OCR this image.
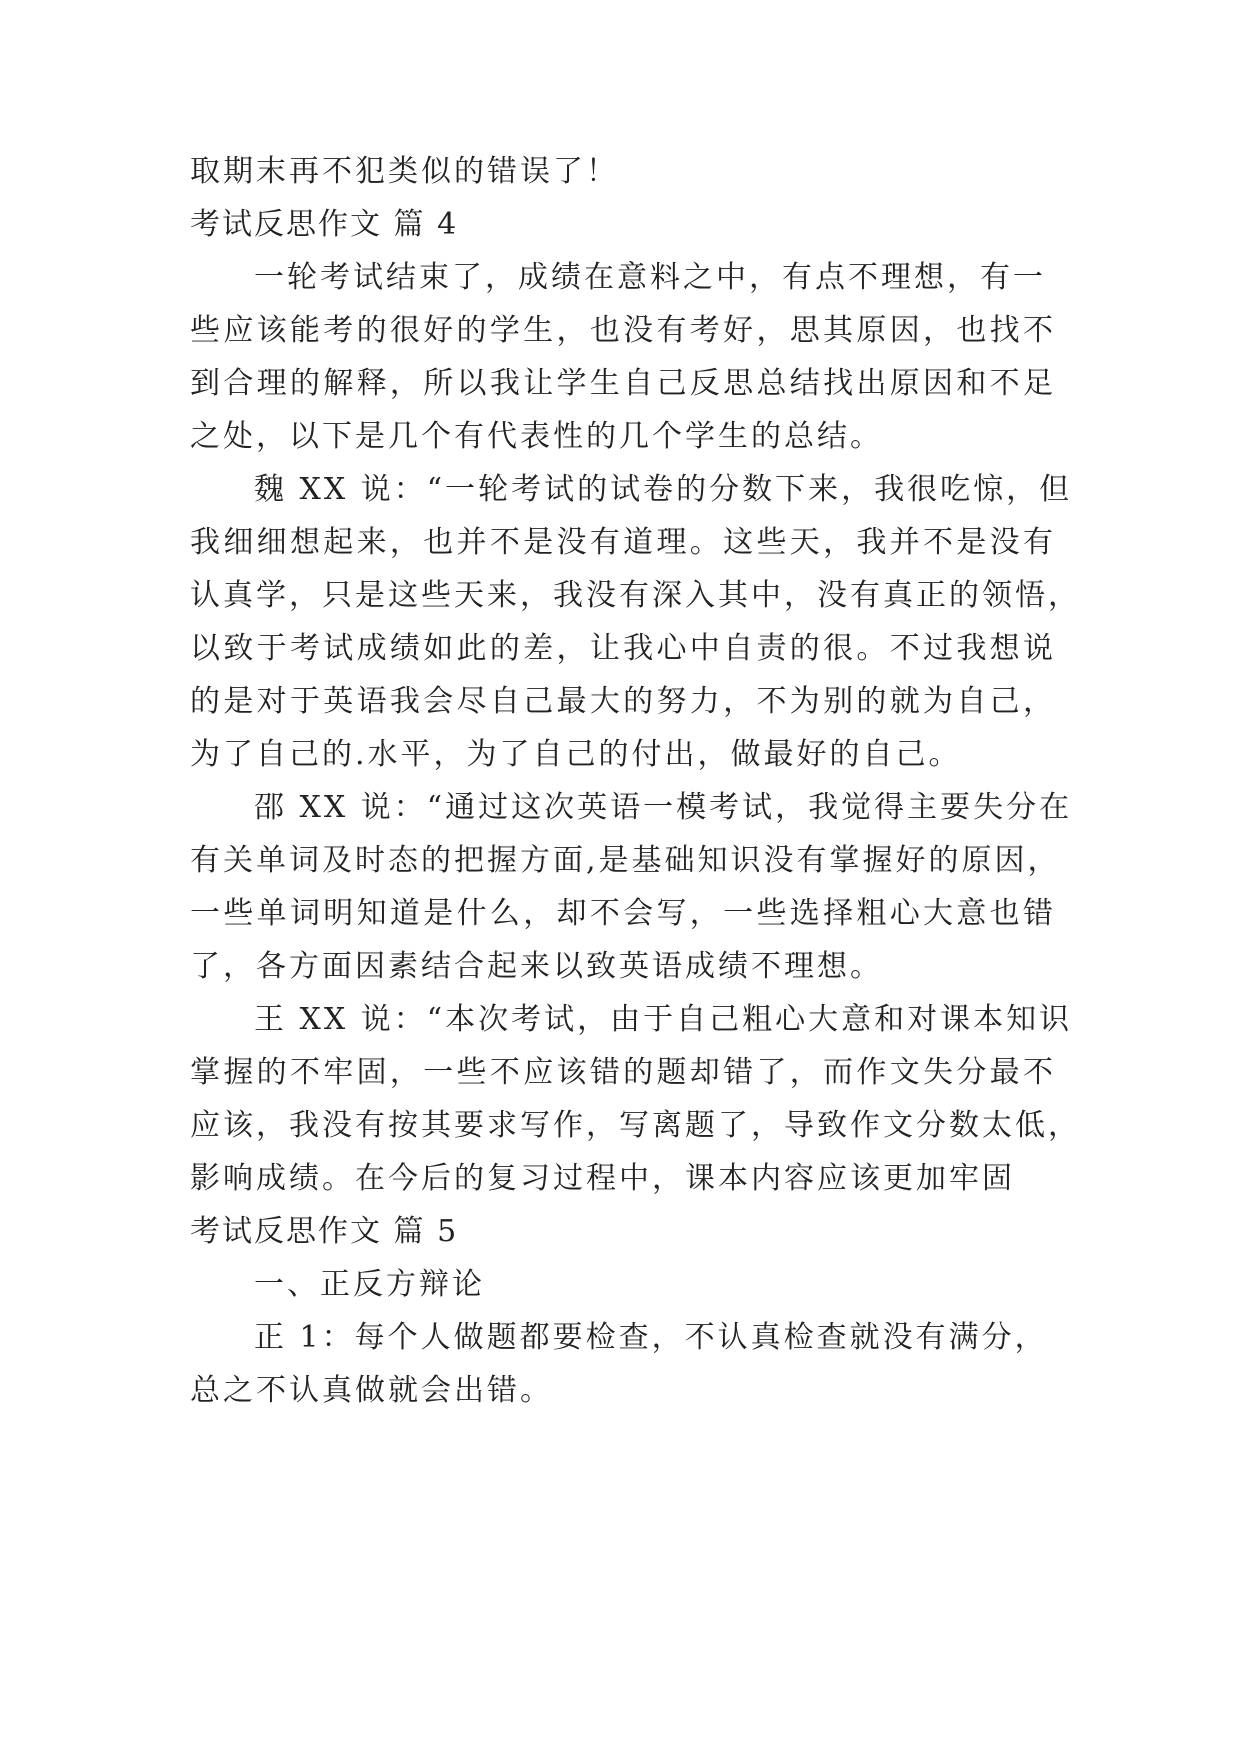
取期末再不犯类似的错误了！
考试反思作文 篇 4
一轮考试结束了，成绩在意料之中，有点不理想，有一
些应该能考的很好的学生，也没有考好，思其原因，也找不
到合理的解释，所以我让学生自己反思总结找出原因和不足
之处，以下是几个有代表性的几个学生的总结。
魏 XX 说：“一轮考试的试卷的分数下来，我很吃惊，但
我细细想起来，也并不是没有道理。这些天，我并不是没有
认真学，只是这些天来，我没有深入其中，没有真正的领悟，
以致于考试成绩如此的差，让我心中自责的很。不过我想说
的是对于英语我会尽自己最大的努力，不为别的就为自己，
为了自己的.水平，为了自己的付出，做最好的自己。
邵 XX 说：“通过这次英语一模考试，我觉得主要失分在
有关单词及时态的把握方面,是基础知识没有掌握好的原因，
一些单词明知道是什么，却不会写，一些选择粗心大意也错
了，各方面因素结合起来以致英语成绩不理想。
王 XX 说：“本次考试，由于自己粗心大意和对课本知识
掌握的不牢固，一些不应该错的题却错了，而作文失分最不
应该，我没有按其要求写作，写离题了，导致作文分数太低，
影响成绩。在今后的复习过程中，课本内容应该更加牢固
考试反思作文 篇 5
一、正反方辩论
正 1：每个人做题都要检查，不认真检查就没有满分，
总之不认真做就会出错。
